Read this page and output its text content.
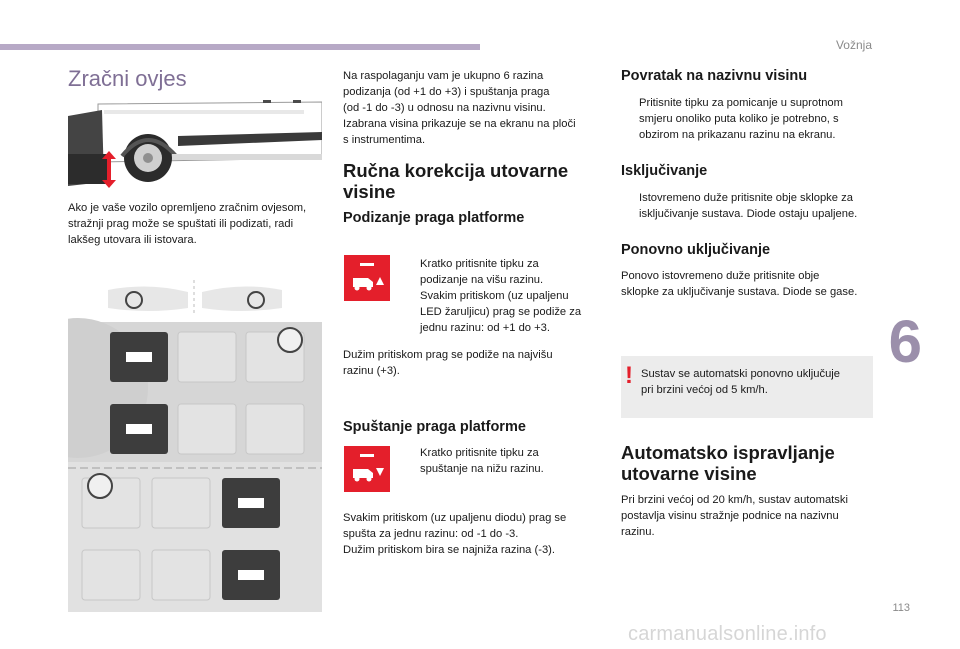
Vožnja
6
113
carmanualsonline.info
Zračni ovjes

Ako je vaše vozilo opremljeno zračnim ovjesom, stražnji prag može se spuštati ili podizati, radi lakšeg utovara ili istovara.

Na raspolaganju vam je ukupno 6 razina
podizanja (od +1 do +3) i spuštanja praga
(od -1 do -3) u odnosu na nazivnu visinu.
Izabrana visina prikazuje se na ekranu na ploči
s instrumentima.
Ručna korekcija utovarne visine
Podizanje praga platforme
Kratko pritisnite tipku za
podizanje na višu razinu.
Svakim pritiskom (uz upaljenu
LED žaruljicu) prag se podiže za
jednu razinu: od +1 do +3.
Dužim pritiskom prag se podiže na najvišu
razinu (+3).
Spuštanje praga platforme
Kratko pritisnite tipku za
spuštanje na nižu razinu.
Svakim pritiskom (uz upaljenu diodu) prag se
spušta za jednu razinu: od -1 do -3.
Dužim pritiskom bira se najniža razina (-3).
Povratak na nazivnu visinu
Pritisnite tipku za pomicanje u suprotnom
smjeru onoliko puta koliko je potrebno, s
obzirom na prikazanu razinu na ekranu.
Isključivanje
Istovremeno duže pritisnite obje sklopke za
isključivanje sustava. Diode ostaju upaljene.
Ponovno uključivanje
Ponovo istovremeno duže pritisnite obje
sklopke za uključivanje sustava. Diode se gase.
! Sustav se automatski ponovno uključuje
pri brzini većoj od 5 km/h.
Automatsko ispravljanje utovarne visine
Pri brzini većoj od 20 km/h, sustav automatski
postavlja visinu stražnje podnice na nazivnu
razinu.
